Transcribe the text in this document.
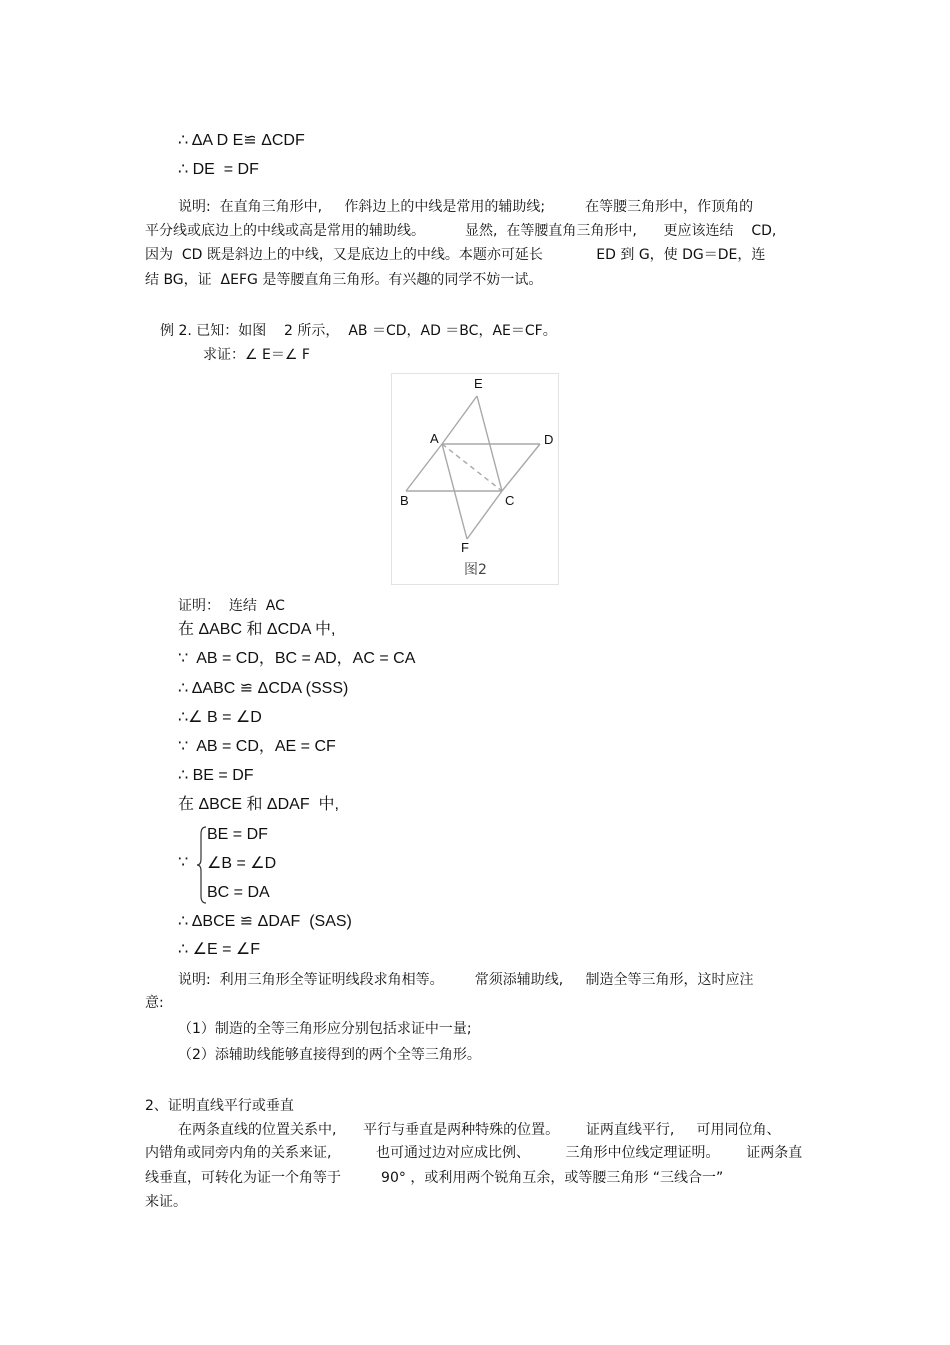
∴ ΔA D E≌ ΔCDF
∴ DE  = DF
说明:  在直角三角形中,     作斜边上的中线是常用的辅助线;         在等腰三角形中，作顶角的
平分线或底边上的中线或高是常用的辅助线。         显然,  在等腰直角三角形中,      更应该连结    CD,
因为  CD 既是斜边上的中线，又是底边上的中线。本题亦可延长            ED 到 G，使 DG＝DE，连
结 BG，证  ΔEFG 是等腰直角三角形。有兴趣的同学不妨一试。
例 2. 已知：如图    2 所示，  AB ＝CD，AD ＝BC，AE＝CF。
求证：∠ E＝∠ F
E
A	D
B	C
F
图2
证明：  连结  AC
在 ΔABC 和 ΔCDA 中,
∵  AB = CD，BC = AD，AC = CA
∴ ΔABC ≌ ΔCDA (SSS)
∴∠ B = ∠D
∵  AB = CD，AE = CF
∴ BE = DF
在 ΔBCE 和 ΔDAF  中,
∵
BE = DF
∠B = ∠D
BC = DA
∴ ΔBCE ≌ ΔDAF  (SAS)
∴ ∠E = ∠F
说明:  利用三角形全等证明线段求角相等。       常须添辅助线,     制造全等三角形，这时应注
意:
（1）制造的全等三角形应分别包括求证中一量;
（2）添辅助线能够直接得到的两个全等三角形。
2、证明直线平行或垂直
在两条直线的位置关系中,      平行与垂直是两种特殊的位置。      证两直线平行,     可用同位角、
内错角或同旁内角的关系来证,          也可通过边对应成比例、        三角形中位线定理证明。      证两条直
线垂直，可转化为证一个角等于         90° ，或利用两个锐角互余，或等腰三角形 “三线合一”
来证。
